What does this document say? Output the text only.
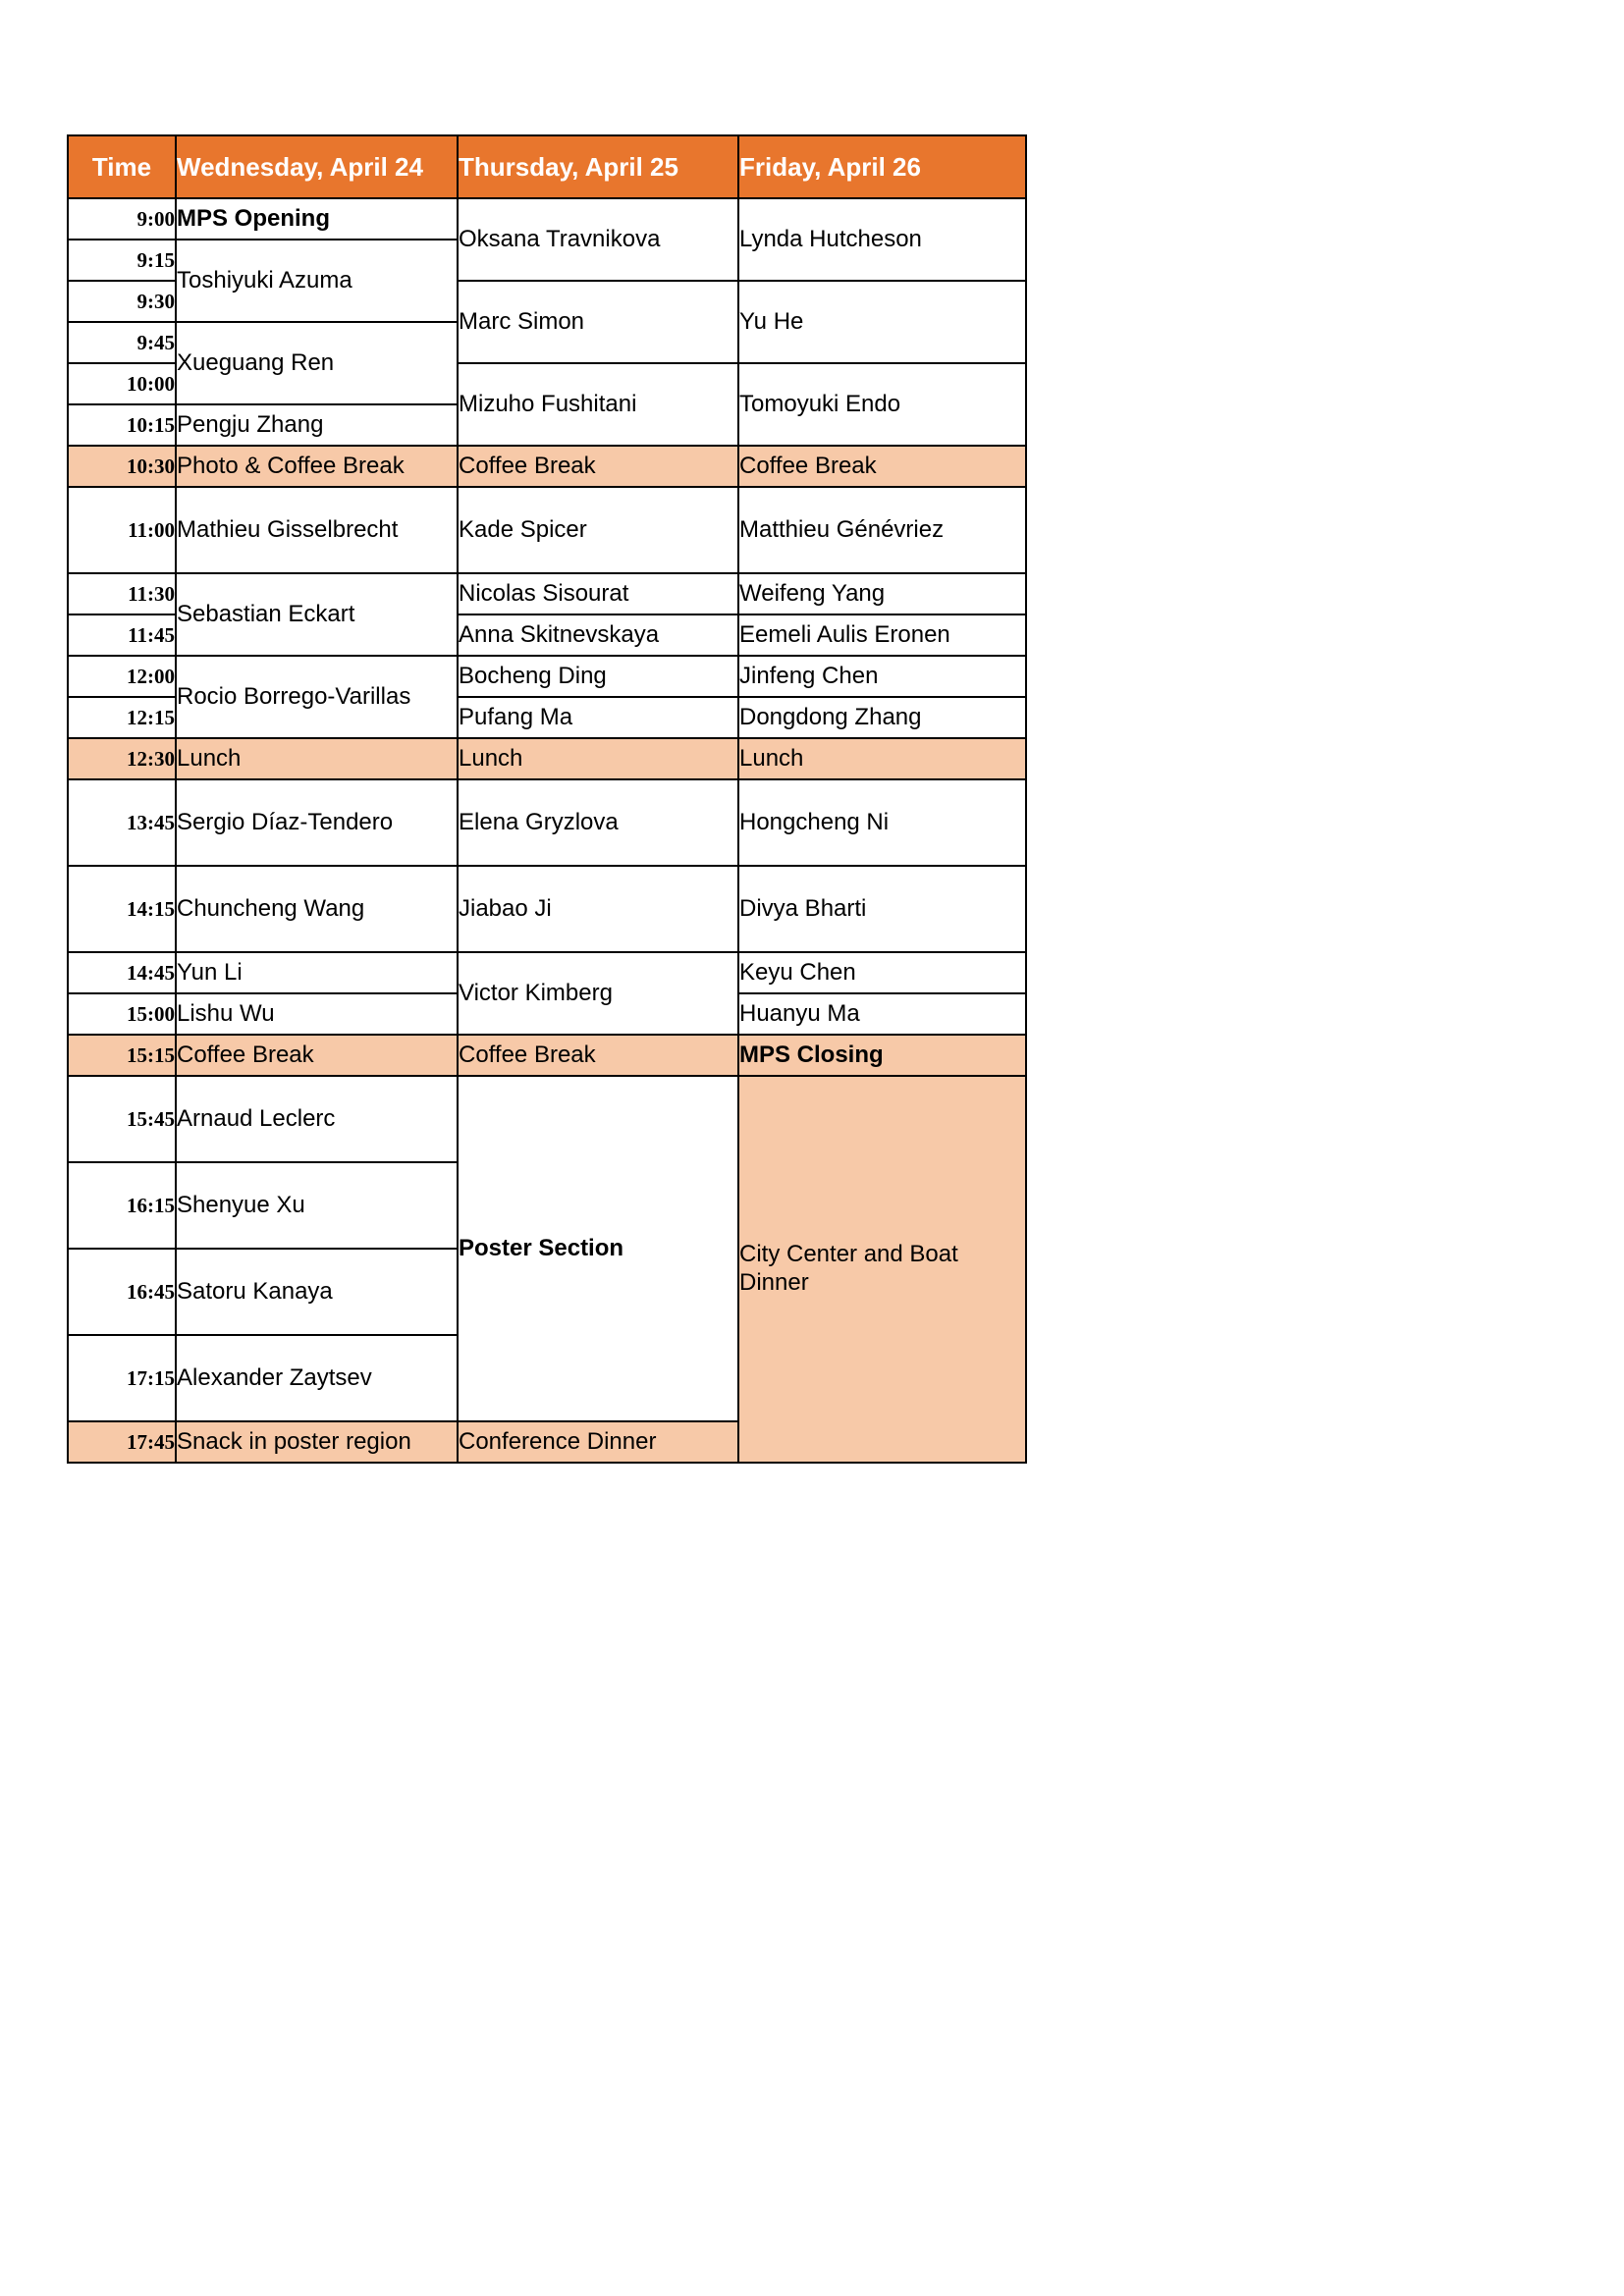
Time	Wednesday, April 24	Thursday, April 25	Friday, April 26
9:00	MPS Opening	Oksana Travnikova	Lynda Hutcheson
9:15	Toshiyuki Azuma		
9:30		Marc Simon	Yu He
9:45	Xueguang Ren		
10:00		Mizuho Fushitani	Tomoyuki Endo
10:15	Pengju Zhang		
10:30	Photo & Coffee Break	Coffee Break	Coffee Break
11:00	Mathieu Gisselbrecht	Kade Spicer	Matthieu Génévriez
11:30	Sebastian Eckart	Nicolas Sisourat	Weifeng Yang
11:45		Anna Skitnevskaya	Eemeli Aulis Eronen
12:00	Rocio Borrego-Varillas	Bocheng Ding	Jinfeng Chen
12:15		Pufang Ma	Dongdong Zhang
12:30	Lunch	Lunch	Lunch
13:45	Sergio Díaz-Tendero	Elena Gryzlova	Hongcheng Ni
14:15	Chuncheng Wang	Jiabao Ji	Divya Bharti
14:45	Yun Li	Victor Kimberg	Keyu Chen
15:00	Lishu Wu		Huanyu Ma
15:15	Coffee Break	Coffee Break	MPS Closing
15:45	Arnaud Leclerc	Poster Section	City Center and Boat Dinner
16:15	Shenyue Xu		
16:45	Satoru Kanaya		
17:15	Alexander Zaytsev		
17:45	Snack in poster region	Conference Dinner	
